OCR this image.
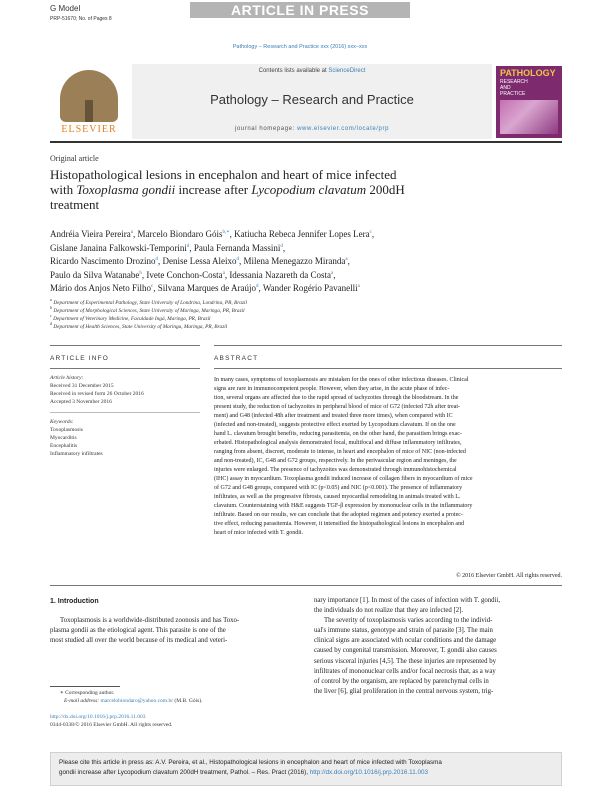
G Model
PRP-51670; No. of Pages 8
ARTICLE IN PRESS
Pathology – Research and Practice xxx (2016) xxx–xxx
ELSEVIER
Contents lists available at ScienceDirect
Pathology – Research and Practice
journal homepage: www.elsevier.com/locate/prp
PATHOLOGY
RESEARCH
AND
PRACTICE
Original article
Histopathological lesions in encephalon and heart of mice infected
with Toxoplasma gondii increase after Lycopodium clavatum 200dH
treatment
Andréia Vieira Pereira$^a$, Marcelo Biondaro Góis$^{b,∗}$, Katiucha Rebeca Jennifer Lopes Lera$^c$,
Gislane Janaina Falkowski-Temporini$^d$, Paula Fernanda Massini$^d$,
Ricardo Nascimento Drozino$^d$, Denise Lessa Aleixo$^d$, Milena Menegazzo Miranda$^a$,
Paulo da Silva Watanabe$^b$, Ivete Conchon-Costa$^a$, Idessania Nazareth da Costa$^a$,
Mário dos Anjos Neto Filho$^c$, Silvana Marques de Araújo$^d$, Wander Rogério Pavanelli$^a$
$^a$ Department of Experimental Pathology, State University of Londrina, Londrina, PR, Brazil
$^b$ Department of Morphological Sciences, State University of Maringa, Maringa, PR, Brazil
$^c$ Department of Veterinary Medicine, Faculdade Ingá, Maringa, PR, Brazil
$^d$ Department of Health Sciences, State University of Maringa, Maringa, PR, Brazil
ARTICLE INFO	ABSTRACT
Article history:
Received 31 December 2015
Received in revised form 26 October 2016
Accepted 3 November 2016
Keywords:
Toxoplasmosis
Myocarditis
Encephalitis
Inflammatory infiltrates
In many cases, symptoms of toxoplasmosis are mistaken for the ones of other infectious diseases. Clinical
signs are rare in immunocompetent people. However, when they arise, in the acute phase of infec-
tion, several organs are affected due to the rapid spread of tachyzoites through the bloodstream. In the
present study, the reduction of tachyzoites in peripheral blood of mice of G72 (infected 72h after treat-
ment) and G48 (infected 48h after treatment and treated three more times), when compared with IC
(infected and non-treated), suggests protective effect exerted by Lycopodium clavatum. If on the one
hand L. clavatum brought benefits, reducing parasitemia, on the other hand, the parasitism brings exac-
erbated. Histopathological analysis demonstrated focal, multifocal and diffuse inflammatory infiltrates,
ranging from absent, discreet, moderate to intense, in heart and encephalon of mice of NIC (non-infected
and non-treated), IC, G48 and G72 groups, respectively. In the perivascular region and meninges, the
injuries were enlarged. The presence of tachyzoites was demonstrated through immunohistochemical
(IHC) assay in myocardium. Toxoplasma gondii induced increase of collagen fibers in myocardium of mice
of G72 and G48 groups, compared with IC (p<0.05) and NIC (p<0.001). The presence of inflammatory
infiltrates, as well as the progressive fibrosis, caused myocardial remodeling in animals treated with L.
clavatum. Counterstaining with H&E suggests TGF-β expression by mononuclear cells in the inflammatory
infiltrate. Based on our results, we can conclude that the adopted regimen and potency exerted a protec-
tive effect, reducing parasitemia. However, it intensified the histopathological lesions in encephalon and
heart of mice infected with T. gondii.
© 2016 Elsevier GmbH. All rights reserved.
1. Introduction
Toxoplasmosis is a worldwide-distributed zoonosis and has Toxo-
plasma gondii as the etiological agent. This parasite is one of the
most studied all over the world because of its medical and veteri-
nary importance [1]. In most of the cases of infection with T. gondii,
the individuals do not realize that they are infected [2].
The severity of toxoplasmosis varies according to the individ-
ual's immune status, genotype and strain of parasite [3]. The main
clinical signs are associated with ocular conditions and the damage
caused by congenital transmission. Moreover, T. gondii also causes
serious visceral injuries [4,5]. The these injuries are represented by
infiltrates of mononuclear cells and/or focal necrosis that, as a way
of control by the organism, are replaced by parenchymal cells in
the liver [6], glial proliferation in the central nervous system, trig-
∗ Corresponding author.
E-mail address: marcelobiondaro@yahoo.com.br (M.B. Góis).
http://dx.doi.org/10.1016/j.prp.2016.11.003
0344-0338/© 2016 Elsevier GmbH. All rights reserved.
Please cite this article in press as: A.V. Pereira, et al., Histopathological lesions in encephalon and heart of mice infected with Toxoplasma
gondii increase after Lycopodium clavatum 200dH treatment, Pathol. – Res. Pract (2016), http://dx.doi.org/10.1016/j.prp.2016.11.003
